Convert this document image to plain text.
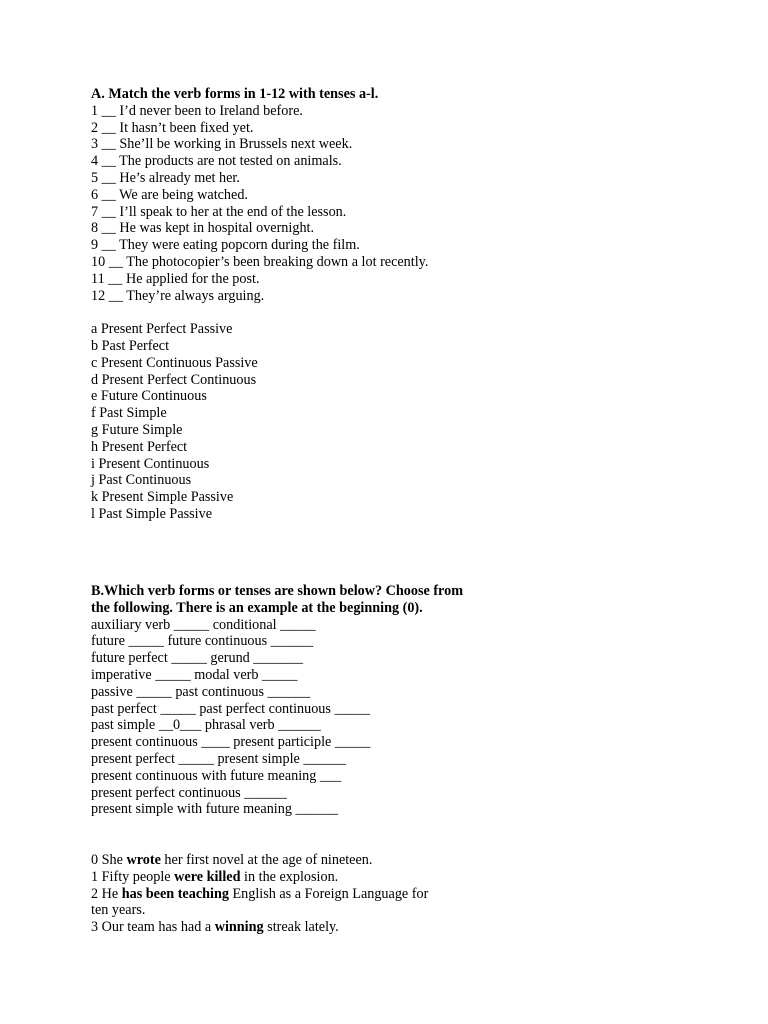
A. Match the verb forms in 1-12 with tenses a-l.
1 __ I’d never been to Ireland before.
2 __ It hasn’t been fixed yet.
3 __ She’ll be working in Brussels next week.
4 __ The products are not tested on animals.
5 __ He’s already met her.
6 __ We are being watched.
7 __ I’ll speak to her at the end of the lesson.
8 __ He was kept in hospital overnight.
9 __ They were eating popcorn during the film.
10 __ The photocopier’s been breaking down a lot recently.
11 __ He applied for the post.
12 __ They’re always arguing.
a Present Perfect Passive
b Past Perfect
c Present Continuous Passive
d Present Perfect Continuous
e Future Continuous
f Past Simple
g Future Simple
h Present Perfect
i Present Continuous
j Past Continuous
k Present Simple Passive
l Past Simple Passive
B.Which verb forms or tenses are shown below? Choose from
the following. There is an example at the beginning (0).
auxiliary verb _____ conditional _____
future _____ future continuous ______
future perfect _____ gerund _______
imperative _____ modal verb _____
passive _____ past continuous ______
past perfect _____ past perfect continuous _____
past simple __0___ phrasal verb ______
present continuous ____ present participle _____
present perfect _____ present simple ______
present continuous with future meaning ___
present perfect continuous ______
present simple with future meaning ______
0 She wrote her first novel at the age of nineteen.
1 Fifty people were killed in the explosion.
2 He has been teaching English as a Foreign Language for
ten years.
3 Our team has had a winning streak lately.
